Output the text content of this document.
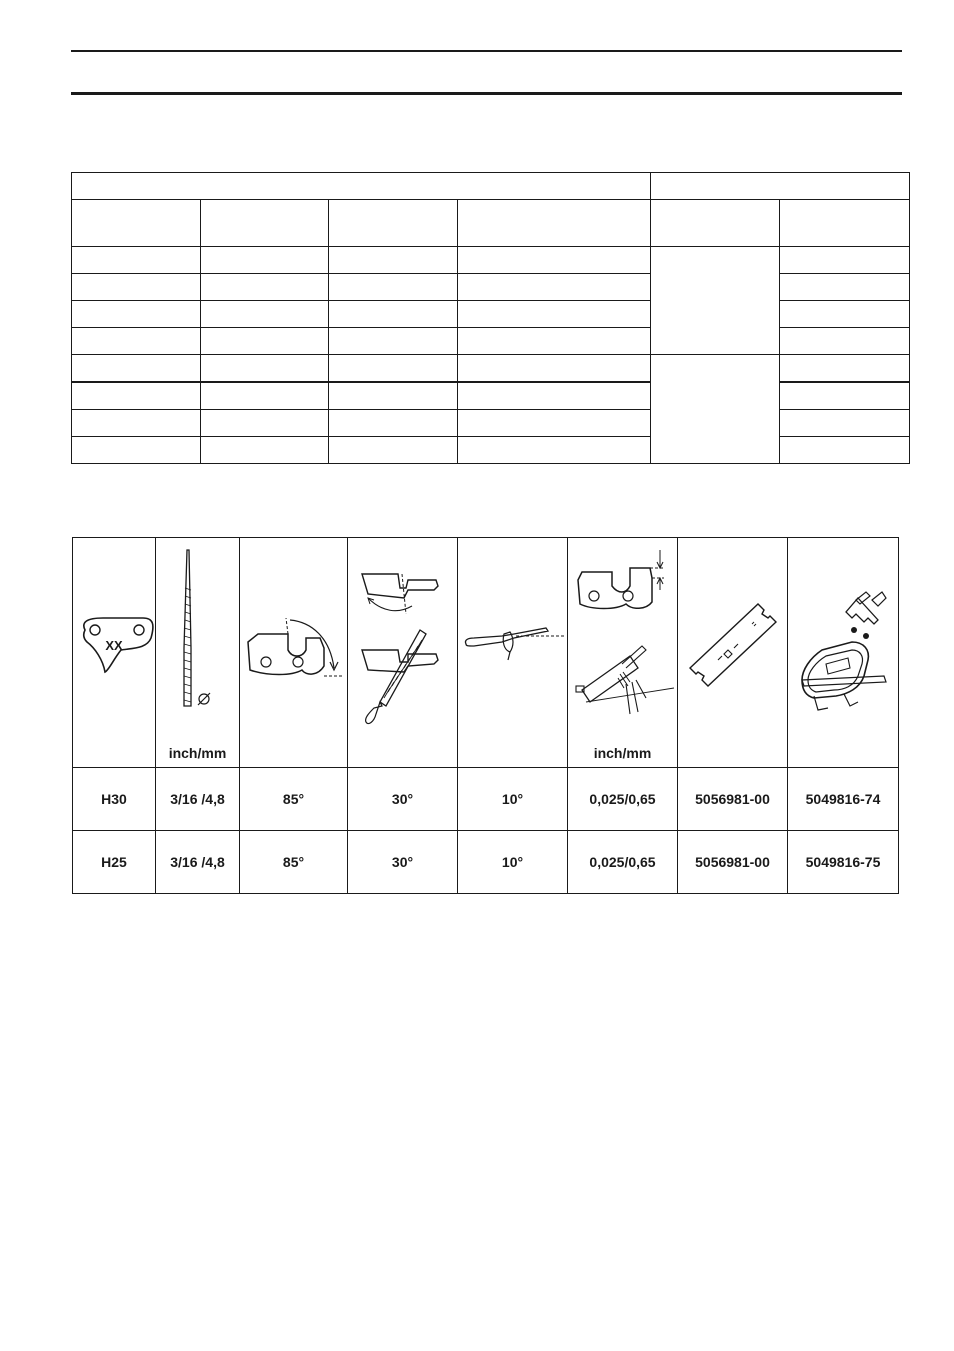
XX	inch/mm				inch/mm

H30	3/16 /4,8	85°	30°	10°	0,025/0,65	5056981-00	5049816-74
H25	3/16 /4,8	85°	30°	10°	0,025/0,65	5056981-00	5049816-75
